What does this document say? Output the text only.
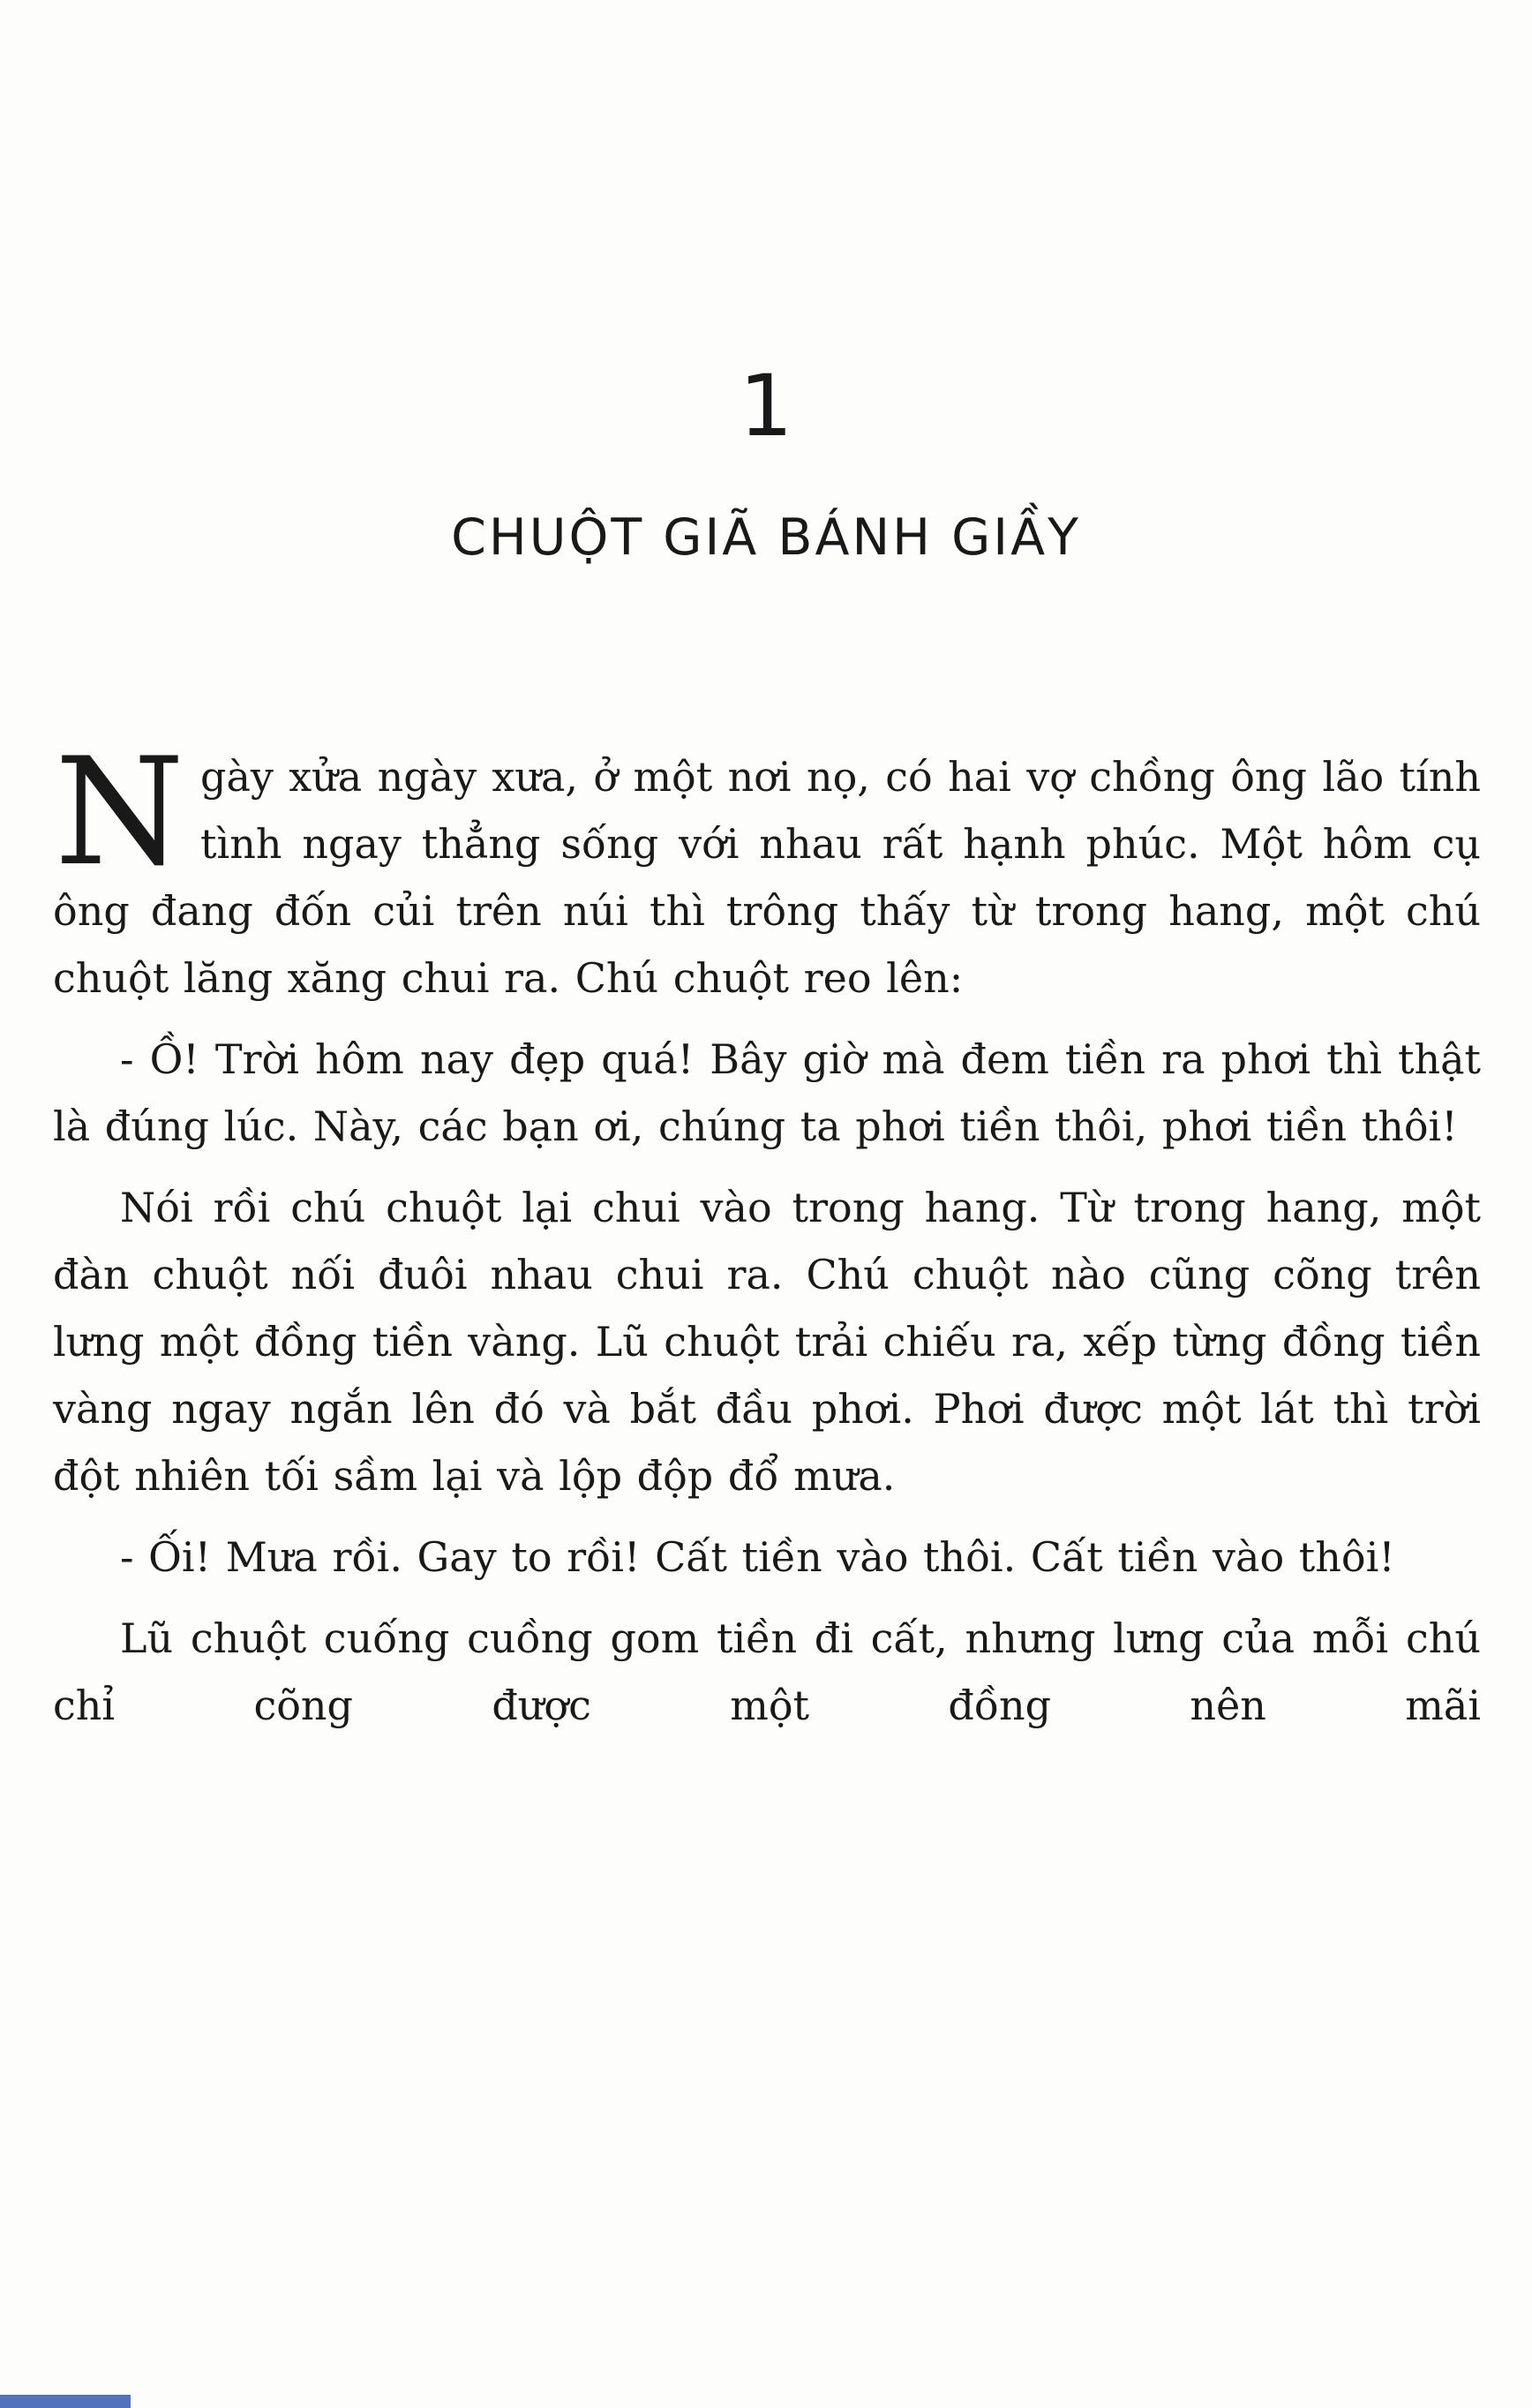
1
CHUỘT GIÃ BÁNH GIẦY

Ngày xửa ngày xưa, ở một nơi nọ, có hai vợ chồng ông lão tính tình ngay thẳng sống với nhau rất hạnh phúc. Một hôm cụ ông đang đốn củi trên núi thì trông thấy từ trong hang, một chú chuột lăng xăng chui ra. Chú chuột reo lên:

- Ồ! Trời hôm nay đẹp quá! Bây giờ mà đem tiền ra phơi thì thật là đúng lúc. Này, các bạn ơi, chúng ta phơi tiền thôi, phơi tiền thôi!

Nói rồi chú chuột lại chui vào trong hang. Từ trong hang, một đàn chuột nối đuôi nhau chui ra. Chú chuột nào cũng cõng trên lưng một đồng tiền vàng. Lũ chuột trải chiếu ra, xếp từng đồng tiền vàng ngay ngắn lên đó và bắt đầu phơi. Phơi được một lát thì trời đột nhiên tối sầm lại và lộp độp đổ mưa.

- Ối! Mưa rồi. Gay to rồi! Cất tiền vào thôi. Cất tiền vào thôi!

Lũ chuột cuống cuồng gom tiền đi cất, nhưng lưng của mỗi chú chỉ cõng được một đồng nên mãi
